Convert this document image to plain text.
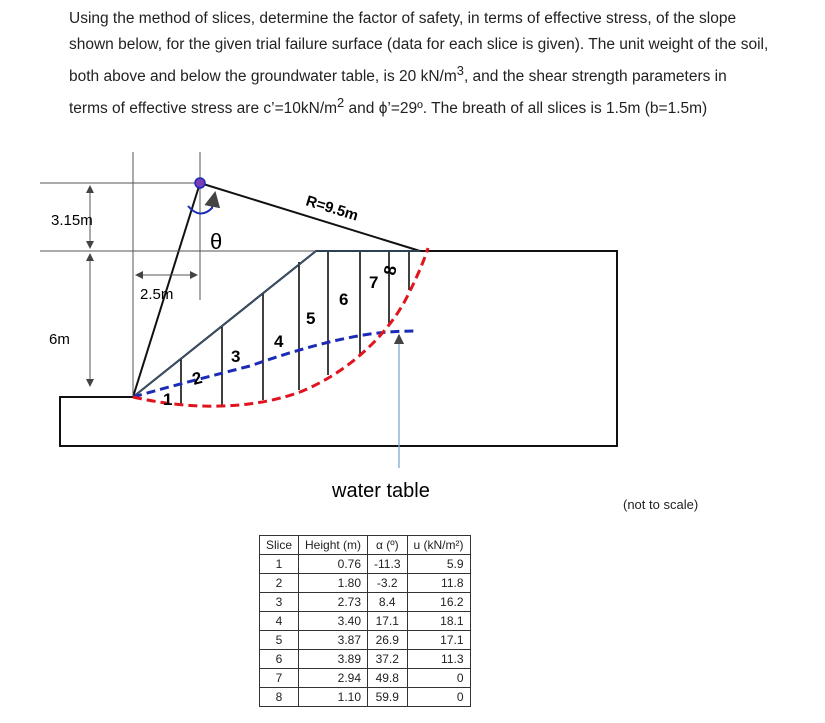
Using the method of slices, determine the factor of safety, in terms of effective stress, of the slope shown below, for the given trial failure surface (data for each slice is given). The unit weight of the soil, both above and below the groundwater table, is 20 $kN/m^3$, and the shear strength parameters in terms of effective stress are $c’=10kN/m^2$ and ϕ’=29º. The breath of all slices is 1.5m (b=1.5m)

R=9.5m
θ
3.15m
6m
2.5m
water table
1
2
3
4
5
6
7
8
(not to scale)
Slice	Height (m)	α (º)	u (kN/m²)
1	0.76	-11.3	5.9
2	1.80	-3.2	11.8
3	2.73	8.4	16.2
4	3.40	17.1	18.1
5	3.87	26.9	17.1
6	3.89	37.2	11.3
7	2.94	49.8	0
8	1.10	59.9	0
